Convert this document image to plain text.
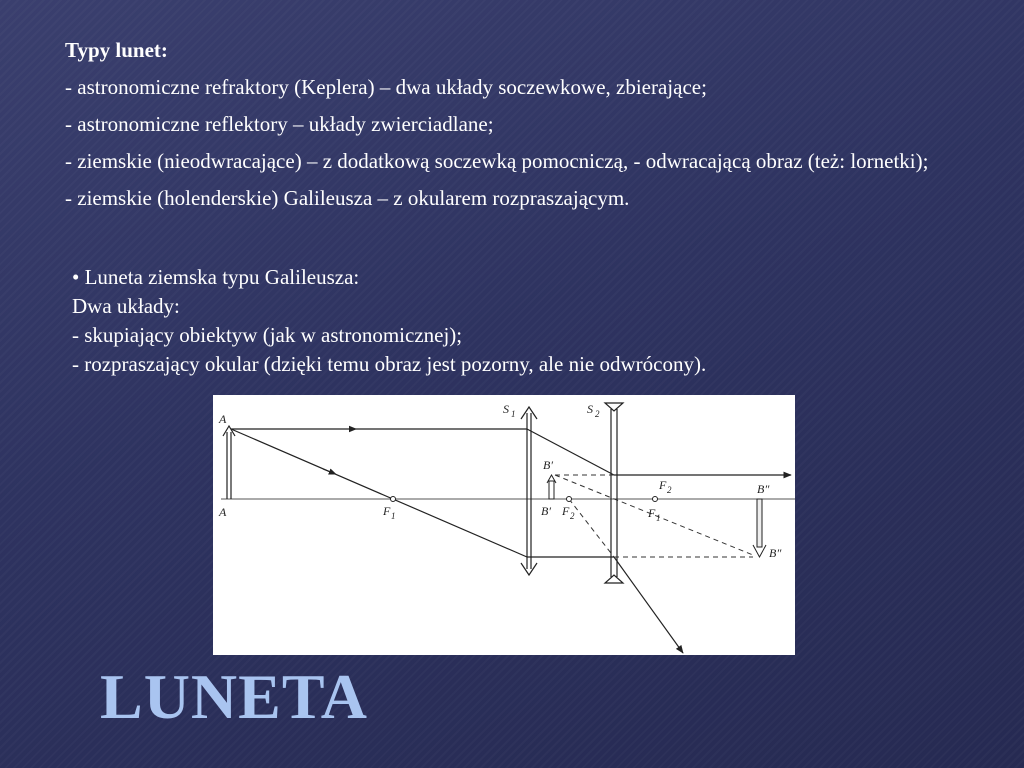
Typy lunet:

- astronomiczne refraktory (Keplera) – dwa układy soczewkowe, zbierające;

- astronomiczne reflektory – układy zwierciadlane;

- ziemskie (nieodwracające) – z dodatkową soczewką pomocniczą, - odwracającą obraz (też: lornetki);

- ziemskie (holenderskie) Galileusza – z okularem rozpraszającym.

• Luneta ziemska typu Galileusza:
Dwa układy:
- skupiający obiektyw (jak w astronomicznej);
- rozpraszający okular (dzięki temu obraz jest pozorny, ale nie odwrócony).
A
A	F 1
S 1	S 2
B′
B′ F 2
F 2
F 1
B″
B″
LUNETA
